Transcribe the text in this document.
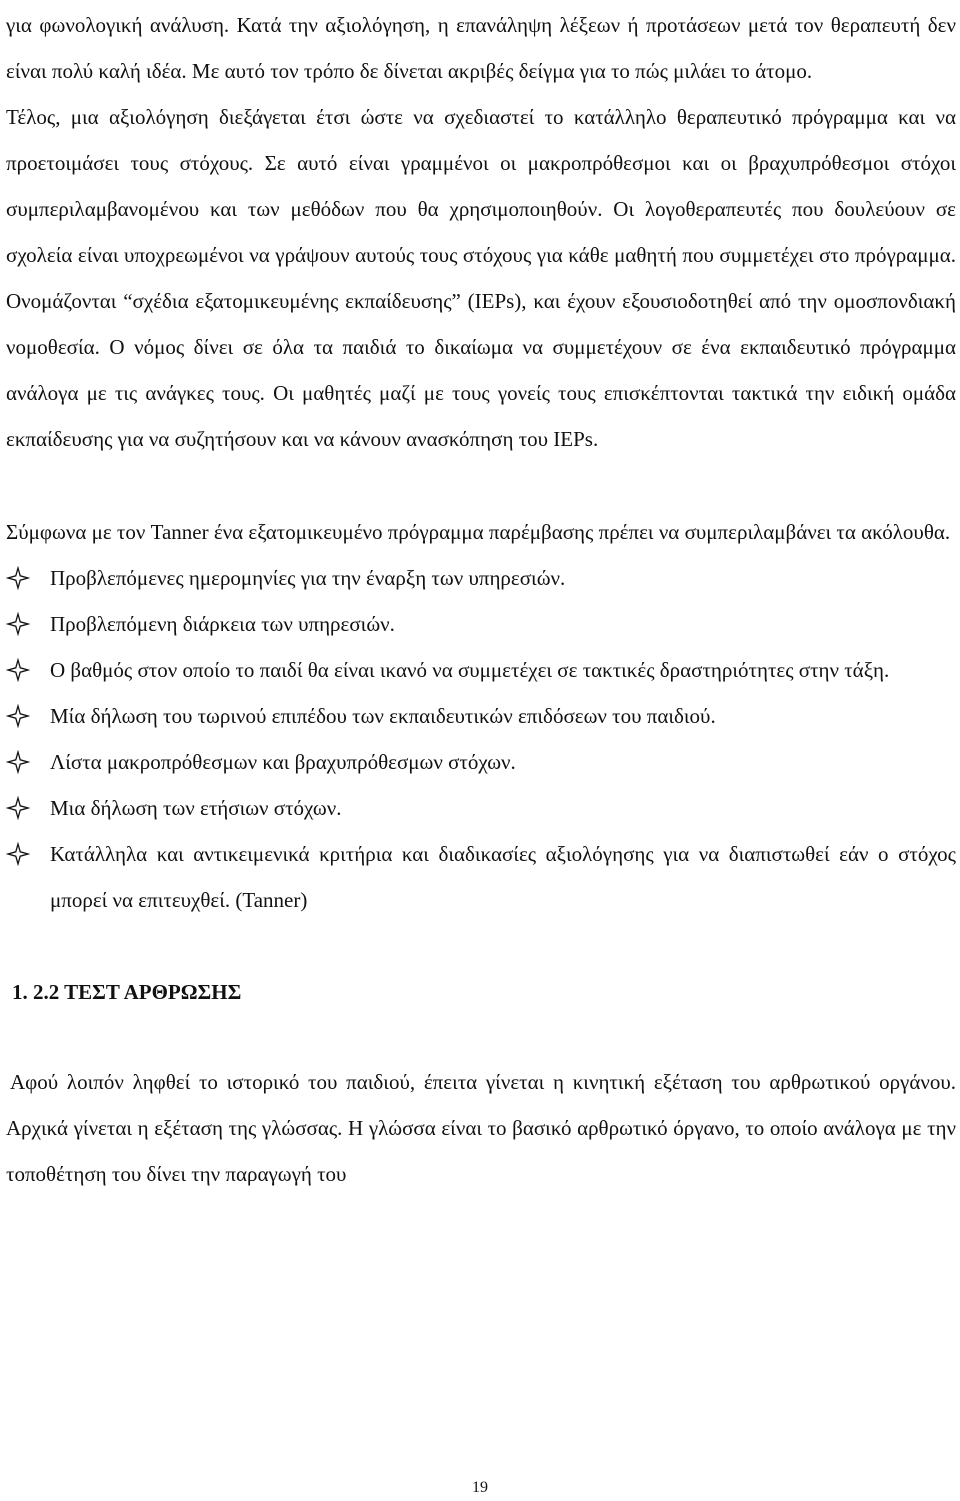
για φωνολογική ανάλυση. Κατά την αξιολόγηση, η επανάληψη λέξεων ή προτάσεων μετά τον θεραπευτή δεν είναι πολύ καλή ιδέα. Με αυτό τον τρόπο δε δίνεται ακριβές δείγμα για το πώς μιλάει το άτομο.

Τέλος, μια αξιολόγηση διεξάγεται έτσι ώστε να σχεδιαστεί το κατάλληλο θεραπευτικό πρόγραμμα και να προετοιμάσει τους στόχους. Σε αυτό είναι γραμμένοι οι μακροπρόθεσμοι και οι βραχυπρόθεσμοι στόχοι συμπεριλαμβανομένου και των μεθόδων που θα χρησιμοποιηθούν. Οι λογοθεραπευτές που δουλεύουν σε σχολεία είναι υποχρεωμένοι να γράψουν αυτούς τους στόχους για κάθε μαθητή που συμμετέχει στο πρόγραμμα. Ονομάζονται “σχέδια εξατομικευμένης εκπαίδευσης” (IEPs), και έχουν εξουσιοδοτηθεί από την ομοσπονδιακή νομοθεσία. Ο νόμος δίνει σε όλα τα παιδιά το δικαίωμα να συμμετέχουν σε ένα εκπαιδευτικό πρόγραμμα ανάλογα με τις ανάγκες τους. Οι μαθητές μαζί με τους γονείς τους επισκέπτονται τακτικά την ειδική ομάδα εκπαίδευσης για να συζητήσουν και να κάνουν ανασκόπηση του IEPs.

Σύμφωνα με τον Tanner ένα εξατομικευμένο πρόγραμμα παρέμβασης πρέπει να συμπεριλαμβάνει τα ακόλουθα.

Προβλεπόμενες ημερομηνίες για την έναρξη των υπηρεσιών.
Προβλεπόμενη διάρκεια των υπηρεσιών.
Ο βαθμός στον οποίο το παιδί θα είναι ικανό να συμμετέχει σε τακτικές δραστηριότητες στην τάξη.
Μία δήλωση του τωρινού επιπέδου των εκπαιδευτικών επιδόσεων του παιδιού.
Λίστα μακροπρόθεσμων και βραχυπρόθεσμων στόχων.
Μια δήλωση των ετήσιων στόχων.
Κατάλληλα και αντικειμενικά κριτήρια και διαδικασίες αξιολόγησης για να διαπιστωθεί εάν ο στόχος μπορεί να επιτευχθεί. (Tanner)
1. 2.2 ΤΕΣΤ ΑΡΘΡΩΣΗΣ

Αφού λοιπόν ληφθεί το ιστορικό του παιδιού, έπειτα γίνεται η κινητική εξέταση του αρθρωτικού οργάνου. Αρχικά γίνεται η εξέταση της γλώσσας. Η γλώσσα είναι το βασικό αρθρωτικό όργανο, το οποίο ανάλογα με την τοποθέτηση του δίνει την παραγωγή του

19
